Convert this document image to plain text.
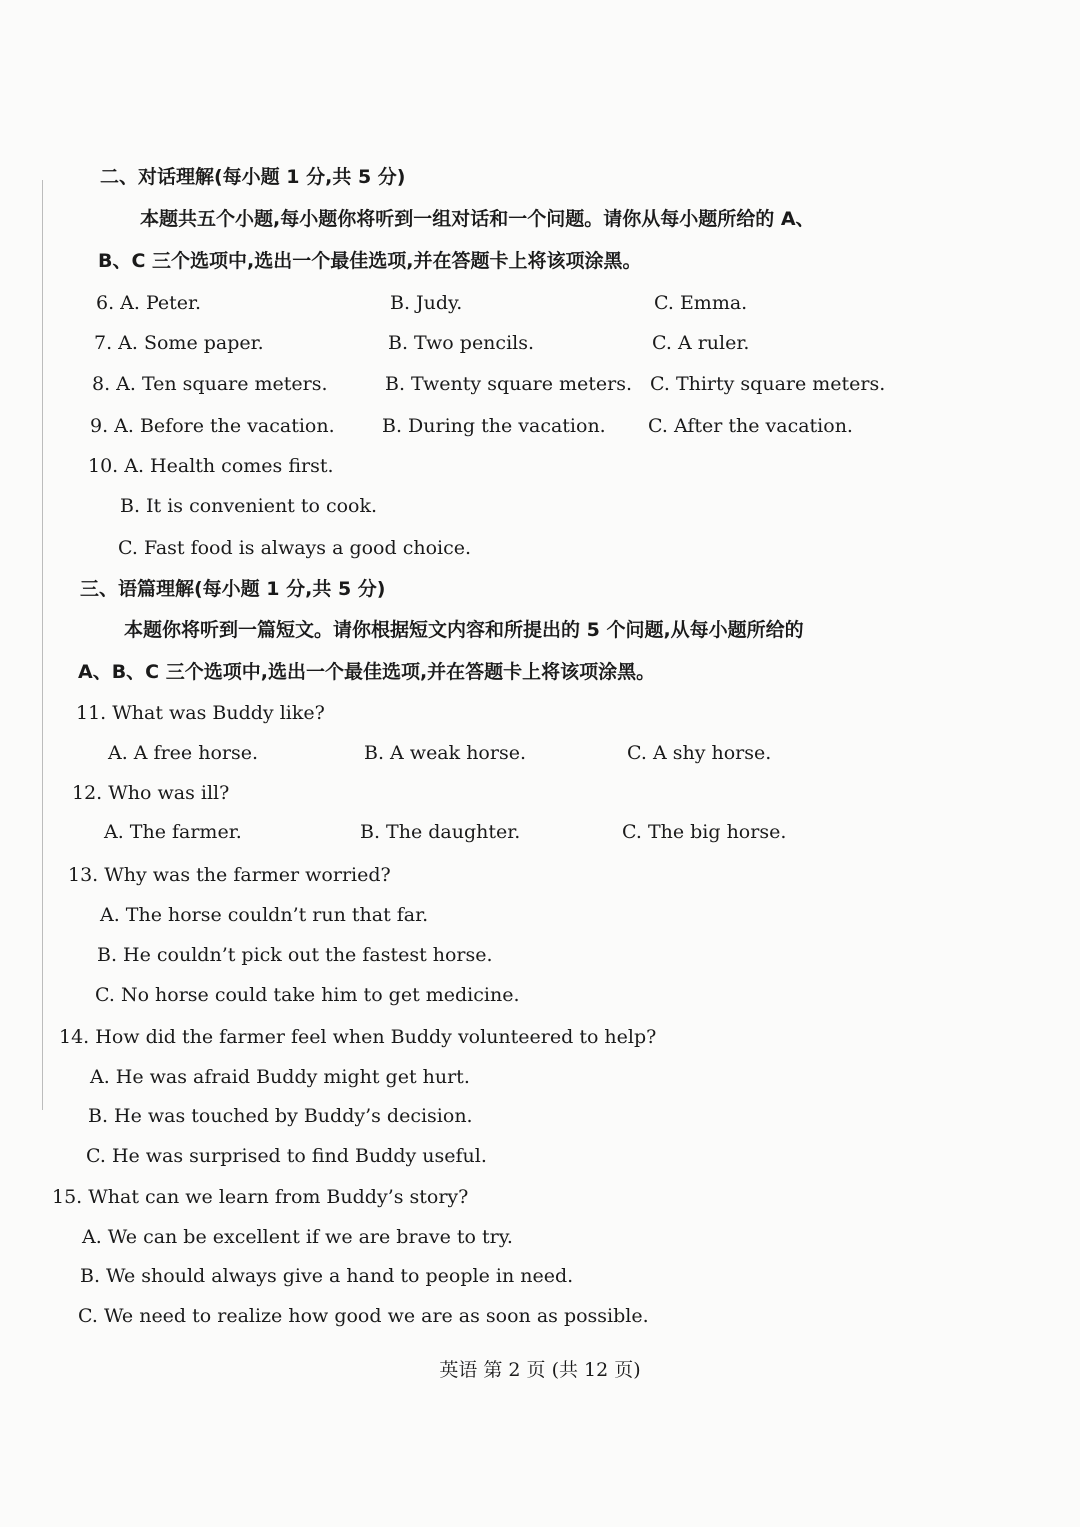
二、对话理解(每小题 1 分,共 5 分)
本题共五个小题,每小题你将听到一组对话和一个问题。请你从每小题所给的 A、
B、C 三个选项中,选出一个最佳选项,并在答题卡上将该项涂黑。
6. A. Peter.	B. Judy.	C. Emma.
7. A. Some paper.	B. Two pencils.	C. A ruler.
8. A. Ten square meters.	B. Twenty square meters. C. Thirty square meters.
9. A. Before the vacation. B. During the vacation. C. After the vacation.
10. A. Health comes first.
B. It is convenient to cook.
C. Fast food is always a good choice.
三、语篇理解(每小题 1 分,共 5 分)
本题你将听到一篇短文。请你根据短文内容和所提出的 5 个问题,从每小题所给的
A、B、C 三个选项中,选出一个最佳选项,并在答题卡上将该项涂黑。
11. What was Buddy like?
A. A free horse.	B. A weak horse.	C. A shy horse.
12. Who was ill?
A. The farmer.	B. The daughter.	C. The big horse.
13. Why was the farmer worried?
A. The horse couldn’t run that far.
B. He couldn’t pick out the fastest horse.
C. No horse could take him to get medicine.
14. How did the farmer feel when Buddy volunteered to help?
A. He was afraid Buddy might get hurt.
B. He was touched by Buddy’s decision.
C. He was surprised to find Buddy useful.
15. What can we learn from Buddy’s story?
A. We can be excellent if we are brave to try.
B. We should always give a hand to people in need.
C. We need to realize how good we are as soon as possible.
英语 第 2 页 (共 12 页)
